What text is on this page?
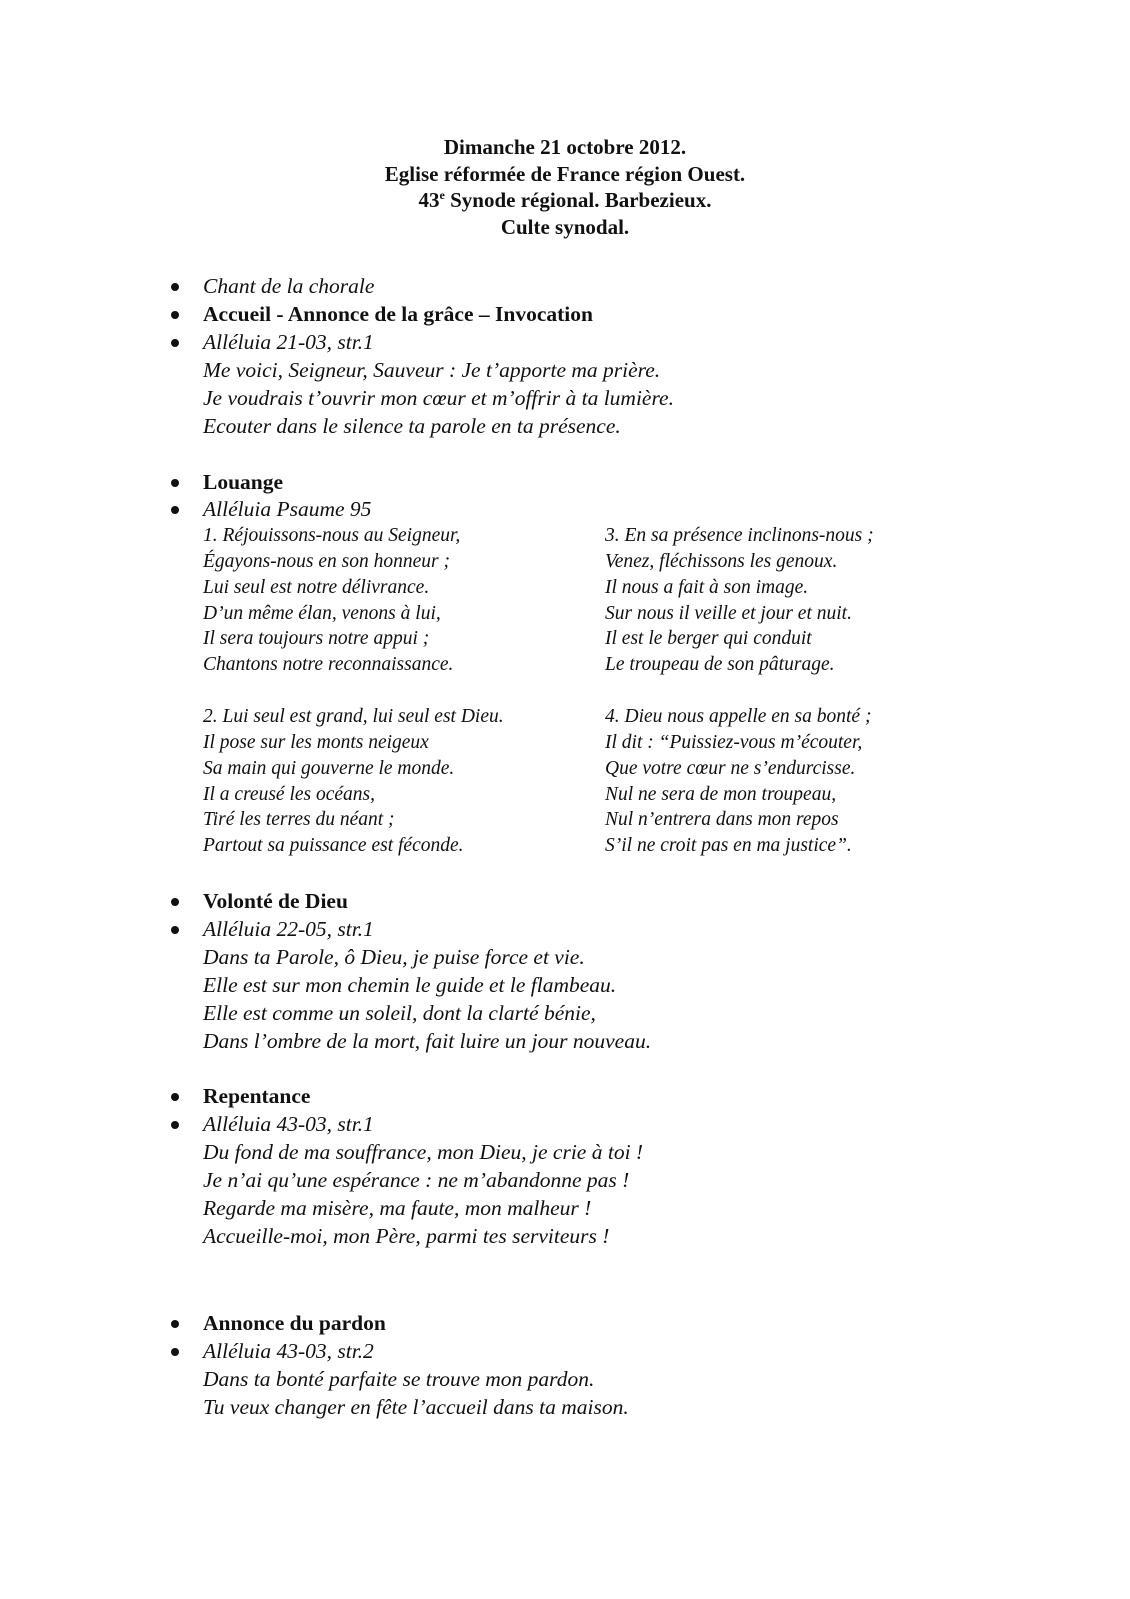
Dimanche 21 octobre 2012.
Eglise réformée de France région Ouest.
43e Synode régional. Barbezieux.
Culte synodal.
Chant de la chorale
Accueil - Annonce de la grâce – Invocation
Alléluia 21-03, str.1
Me voici, Seigneur, Sauveur : Je t’apporte ma prière.
Je voudrais t’ouvrir mon cœur et m’offrir à ta lumière.
Ecouter dans le silence ta parole en ta présence.
Louange
Alléluia Psaume 95
1. Réjouissons-nous au Seigneur,
Égayons-nous en son honneur ;
Lui seul est notre délivrance.
D’un même élan, venons à lui,
Il sera toujours notre appui ;
Chantons notre reconnaissance.
3. En sa présence inclinons-nous ;
Venez, fléchissons les genoux.
Il nous a fait à son image.
Sur nous il veille et jour et nuit.
Il est le berger qui conduit
Le troupeau de son pâturage.
2. Lui seul est grand, lui seul est Dieu.
Il pose sur les monts neigeux
Sa main qui gouverne le monde.
Il a creusé les océans,
Tiré les terres du néant ;
Partout sa puissance est féconde.
4. Dieu nous appelle en sa bonté ;
Il dit : “Puissiez-vous m’écouter,
Que votre cœur ne s’endurcisse.
Nul ne sera de mon troupeau,
Nul n’entrera dans mon repos
S’il ne croit pas en ma justice”.
Volonté de Dieu
Alléluia 22-05, str.1
Dans ta Parole, ô Dieu, je puise force et vie.
Elle est sur mon chemin le guide et le flambeau.
Elle est comme un soleil, dont la clarté bénie,
Dans l’ombre de la mort, fait luire un jour nouveau.
Repentance
Alléluia 43-03, str.1
Du fond de ma souffrance, mon Dieu, je crie à toi !
Je n’ai qu’une espérance : ne m’abandonne pas !
Regarde ma misère, ma faute, mon malheur !
Accueille-moi, mon Père, parmi tes serviteurs !
Annonce du pardon
Alléluia 43-03, str.2
Dans ta bonté parfaite se trouve mon pardon.
Tu veux changer en fête l’accueil dans ta maison.
